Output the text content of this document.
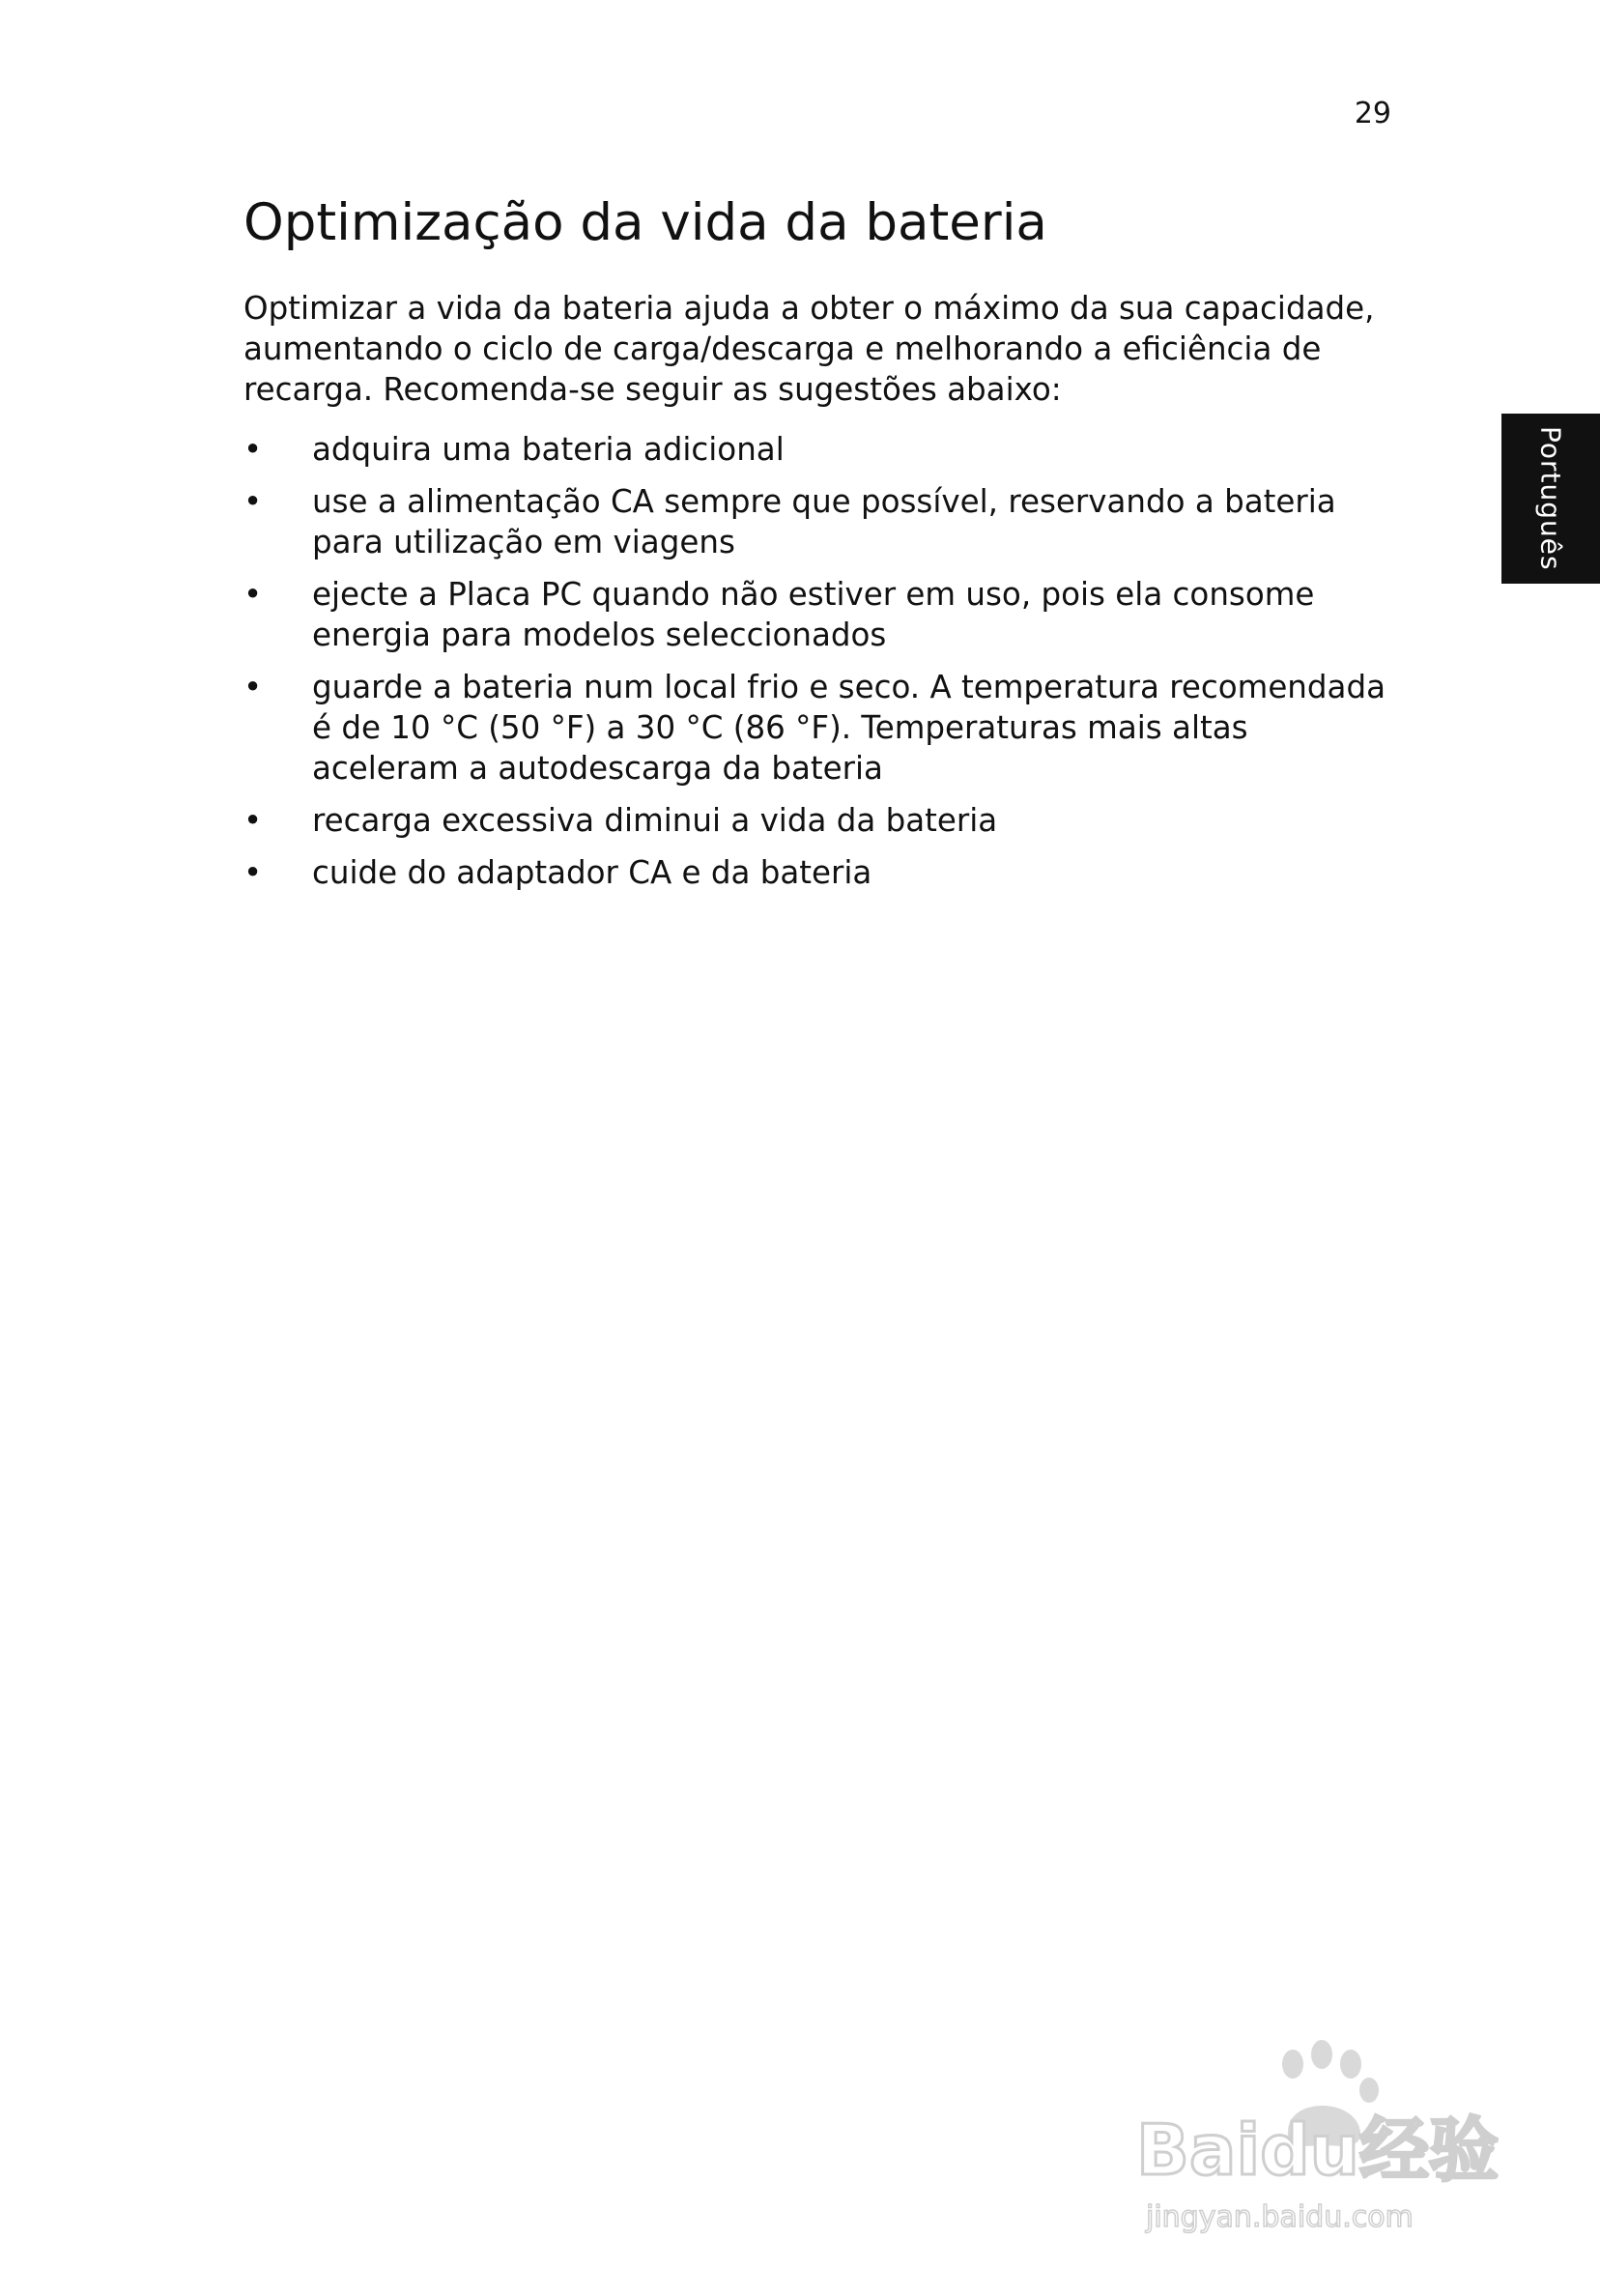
29
Português
Optimização da vida da bateria

Optimizar a vida da bateria ajuda a obter o máximo da sua capacidade, aumentando o ciclo de carga/descarga e melhorando a eficiência de recarga. Recomenda-se seguir as sugestões abaixo:

•	adquira uma bateria adicional
•	use a alimentação CA sempre que possível, reservando a bateria para utilização em viagens
•	ejecte a Placa PC quando não estiver em uso, pois ela consome energia para modelos seleccionados
•	guarde a bateria num local frio e seco. A temperatura recomendada é de 10 °C (50 °F) a 30 °C (86 °F). Temperaturas mais altas aceleram a autodescarga da bateria
•	recarga excessiva diminui a vida da bateria
•	cuide do adaptador CA e da bateria
Baidu经验
jingyan.baidu.com
